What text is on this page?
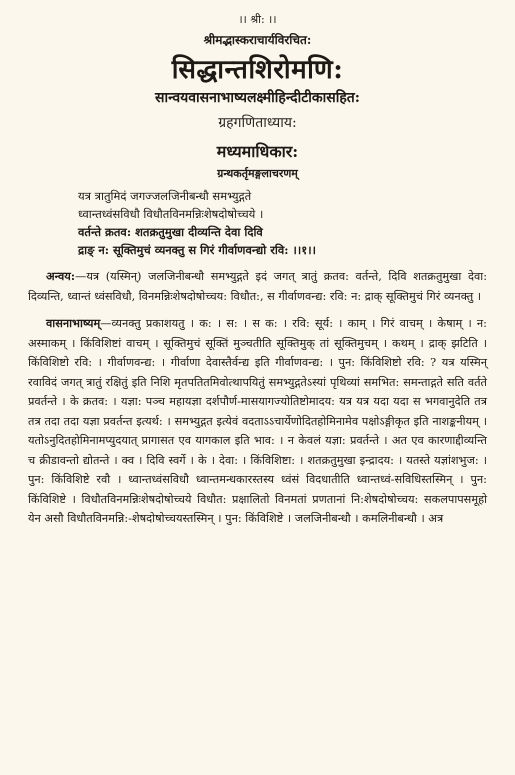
।। श्री: ।।
श्रीमद्भास्कराचार्यविरचित:
सिद्धान्तशिरोमणि:
सान्वयवासनाभाष्यलक्ष्मीहिन्दीटीकासहित:
ग्रहगणिताध्याय:
मध्यमाधिकार:
ग्रन्थकर्तृमङ्गलाचरणम्
यत्र त्रातुमिदं जगज्जलजिनीबन्धौ समभ्युद्गते
ध्वान्तध्वंसविधौ विधौतविनमन्निःशेषदोषोच्चये ।
वर्तन्ते क्रतव: शतक्रतुमुखा दीव्यन्ति देवा दिवि
द्राङ् न: सूक्तिमुचं व्यनक्तु स गिरं गीर्वाणवन्द्यो रवि: ।।१।।
अन्वय:—यत्र (यस्मिन्) जलजिनीबन्धौ समभ्युद्गते इदं जगत् त्रातुं क्रतव: वर्तन्ते, दिवि शतक्रतुमुखा देवा: दिव्यन्ति, ध्वान्तं ध्वंसविधौ, विनमन्निःशेषदोषोच्चय: विधौत:, स गीर्वाणवन्द्य: रवि: न: द्राक् सूक्तिमुचं गिरं व्यनक्तु ।
वासनाभाष्यम्—व्यनक्तु प्रकाशयतु । क: । स: । स क: । रवि: सूर्य: । काम् । गिरं वाचम् । केषाम् । न: अस्माकम् । किंविशिष्टां वाचम् । सूक्तिमुचं सूक्तिं मुञ्चतीति सूक्तिमुक् तां सूक्तिमुचम् । कथम् । द्राक् झटिति । किंविशिष्टो रवि: । गीर्वाणवन्द्य: । गीर्वाणा देवास्तैर्वन्द्य इति गीर्वाणवन्द्य: । पुन: किंविशिष्टो रवि: ? यत्र यस्मिन् रवाविदं जगत् त्रातुं रक्षितुं इति निशि मृतपतितमिवोत्थापयितुं समभ्युद्गतेऽस्यां पृथिव्यां समभित: समन्ताद्गते सति वर्तते प्रवर्तन्ते । के क्रतव: । यज्ञा: पञ्च महायज्ञा दर्शपौर्ण-मासयागज्योतिष्टोमादय: यत्र यत्र यदा यदा स भगवानुदेति तत्र तत्र तदा तदा यज्ञा प्रवर्तन्त इत्यर्थ: । समभ्युद्गत इत्येवं वदताऽऽचार्येणोदितहोमिनामेव पक्षोऽङ्गीकृत इति नाशङ्कनीयम् । यतोऽनुदितहोमिनामप्युदयात् प्रागासत एव यागकाल इति भाव: । न केवलं यज्ञा: प्रवर्तन्ते । अत एव कारणाद्दीव्यन्ति च क्रीडावन्तो द्योतन्ते । क्व । दिवि स्वर्गे । के । देवा: । किंविशिष्टा: । शतक्रतुमुखा इन्द्रादय: । यतस्ते यज्ञांशभुज: । पुन: किंविशिष्टे रवौ । ध्वान्तध्वंसविधौ ध्वान्तमन्धकारस्तस्य ध्वंसं विदधातीति ध्वान्तध्वं-सविधिस्तस्मिन् । पुन: किंविशिष्टे । विधौतविनमन्निःशेषदोषोच्चये विधौत: प्रक्षालितो विनमतां प्रणतानां नि:शेषदोषोच्चय: सकलपापसमूहो येन असौ विधौतविनमन्नि:-शेषदोषोच्चयस्तस्मिन् । पुन: किंविशिष्टे । जलजिनीबन्धौ । कमलिनीबन्धौ । अत्र
